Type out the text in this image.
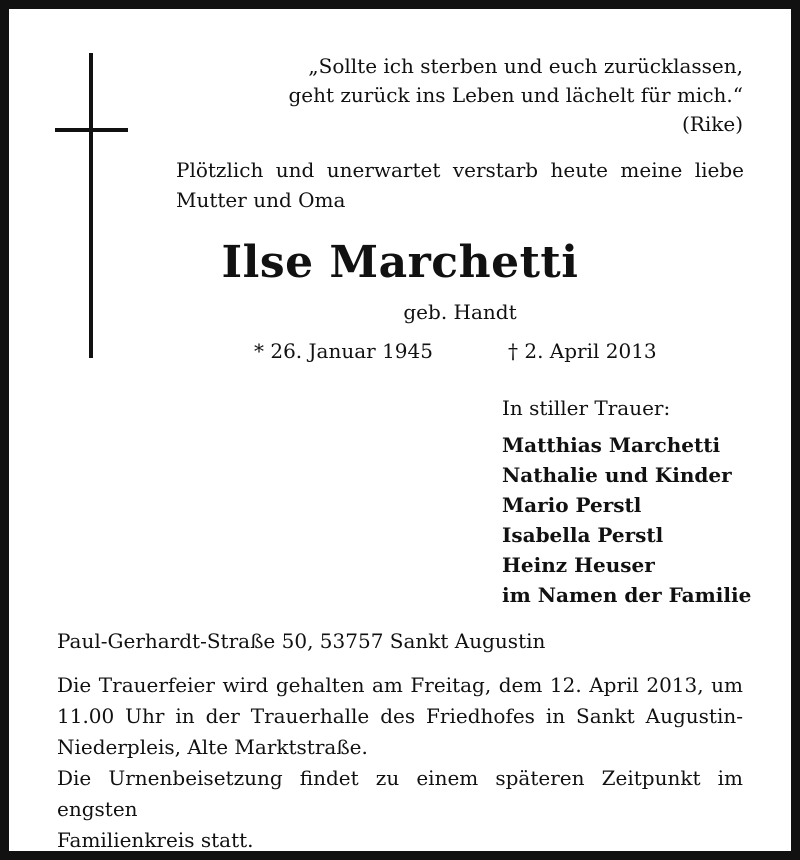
„Sollte ich sterben und euch zurücklassen,
geht zurück ins Leben und lächelt für mich.“
(Rike)

Plötzlich und unerwartet verstarb heute meine liebe

Mutter und Oma

Ilse Marchetti
geb. Handt
* 26. Januar 1945	† 2. April 2013
In stiller Trauer:
Matthias Marchetti
Nathalie und Kinder
Mario Perstl
Isabella Perstl
Heinz Heuser
im Namen der Familie
Paul-Gerhardt-Straße 50, 53757 Sankt Augustin

Die Trauerfeier wird gehalten am Freitag, dem 12. April 2013, um

11.00 Uhr in der Trauerhalle des Friedhofes in Sankt Augustin-

Niederpleis, Alte Marktstraße.

Die Urnenbeisetzung findet zu einem späteren Zeitpunkt im engsten

Familienkreis statt.
